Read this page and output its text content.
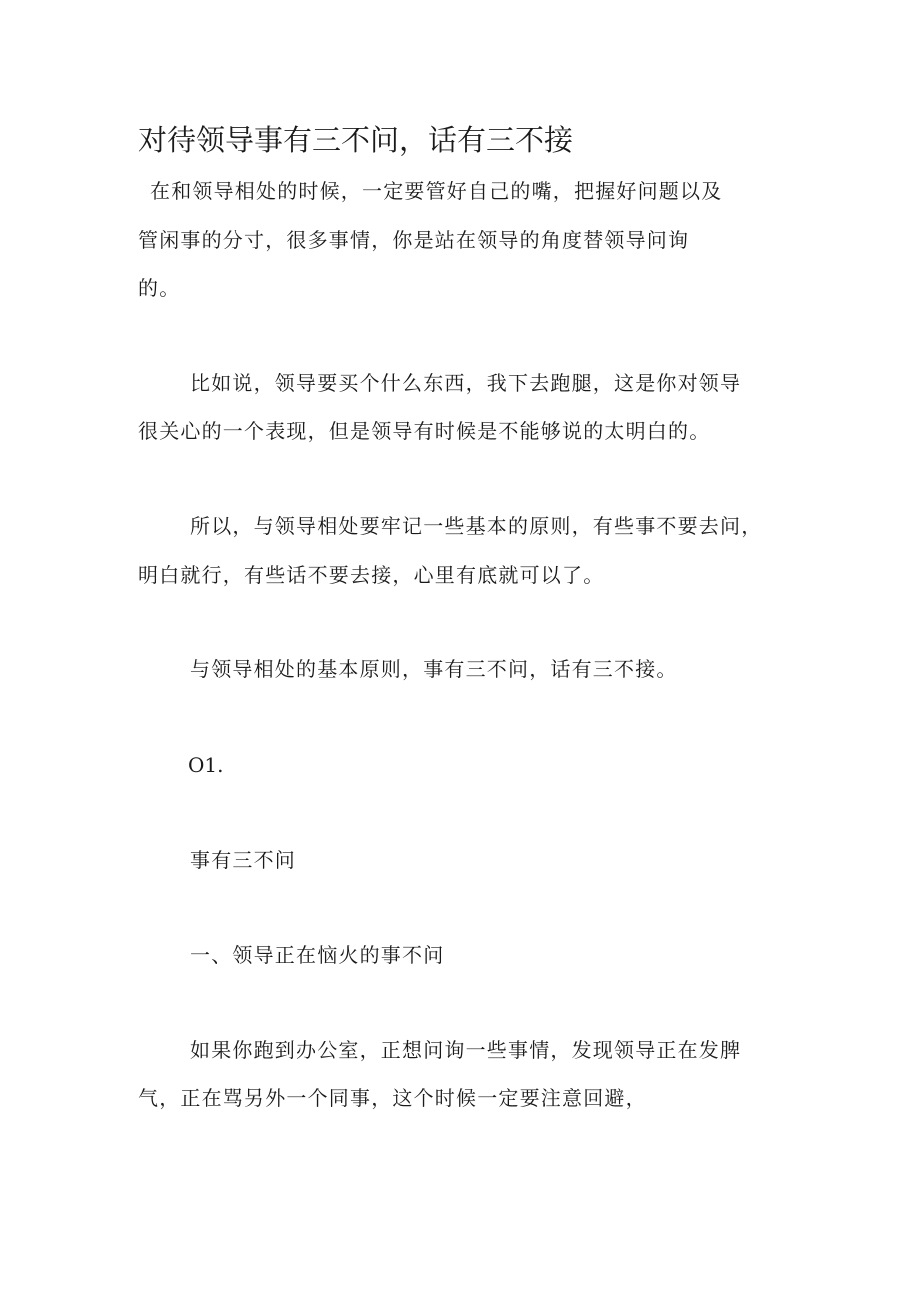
对待领导事有三不问，话有三不接
在和领导相处的时候，一定要管好自己的嘴，把握好问题以及
管闲事的分寸，很多事情，你是站在领导的角度替领导问询
的。
比如说，领导要买个什么东西，我下去跑腿，这是你对领导
很关心的一个表现，但是领导有时候是不能够说的太明白的。
所以，与领导相处要牢记一些基本的原则，有些事不要去问，
明白就行，有些话不要去接，心里有底就可以了。
与领导相处的基本原则，事有三不问，话有三不接。
O1.
事有三不问
一、领导正在恼火的事不问
如果你跑到办公室，正想问询一些事情，发现领导正在发脾
气，正在骂另外一个同事，这个时候一定要注意回避，
